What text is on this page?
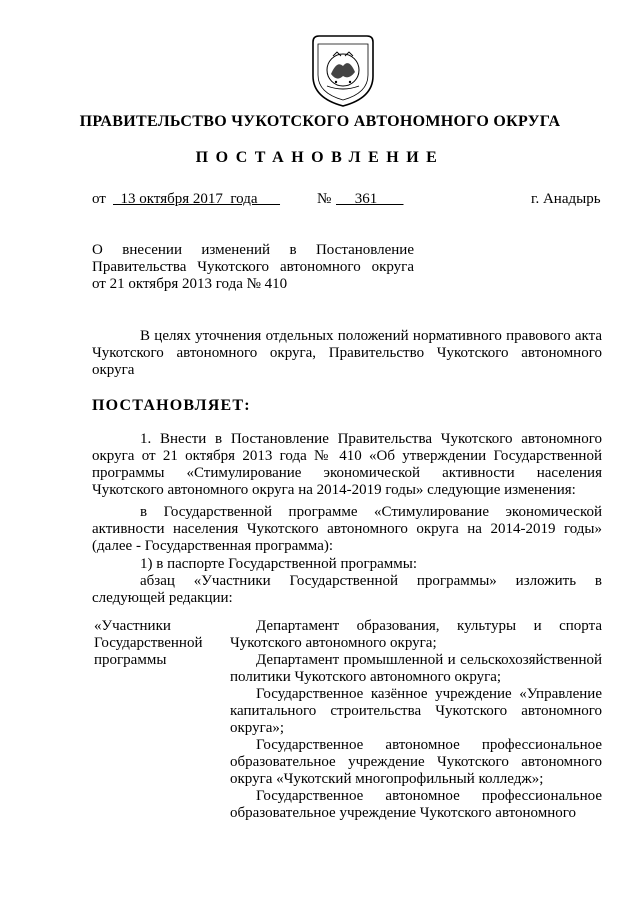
ПРАВИТЕЛЬСТВО ЧУКОТСКОГО АВТОНОМНОГО ОКРУГА
ПОСТАНОВЛЕНИЕ
от 13 октября 2017  года № 361	г. Анадырь
О внесении изменений в Постановление
Правительства Чукотского автономного округа
от 21 октября 2013 года № 410
В целях уточнения отдельных положений нормативного правового акта Чукотского автономного округа, Правительство Чукотского автономного округа
ПОСТАНОВЛЯЕТ:
1. Внести в Постановление Правительства Чукотского автономного округа от 21 октября 2013 года № 410 «Об утверждении Государственной программы «Стимулирование экономической активности населения Чукотского автономного округа на 2014-2019 годы» следующие изменения:
в Государственной программе «Стимулирование экономической активности населения Чукотского автономного округа на 2014-2019 годы» (далее - Государственная программа):
1) в паспорте Государственной программы:
абзац «Участники Государственной программы» изложить в следующей редакции:
«Участники
Государственной
программы
Департамент образования, культуры и спорта Чукотского автономного округа;
Департамент промышленной и сельскохозяйственной политики Чукотского автономного округа;
Государственное казённое учреждение «Управление капитального строительства Чукотского автономного округа»;
Государственное автономное профессиональное образовательное учреждение Чукотского автономного округа «Чукотский многопрофильный колледж»;
Государственное автономное профессиональное образовательное учреждение Чукотского автономного
